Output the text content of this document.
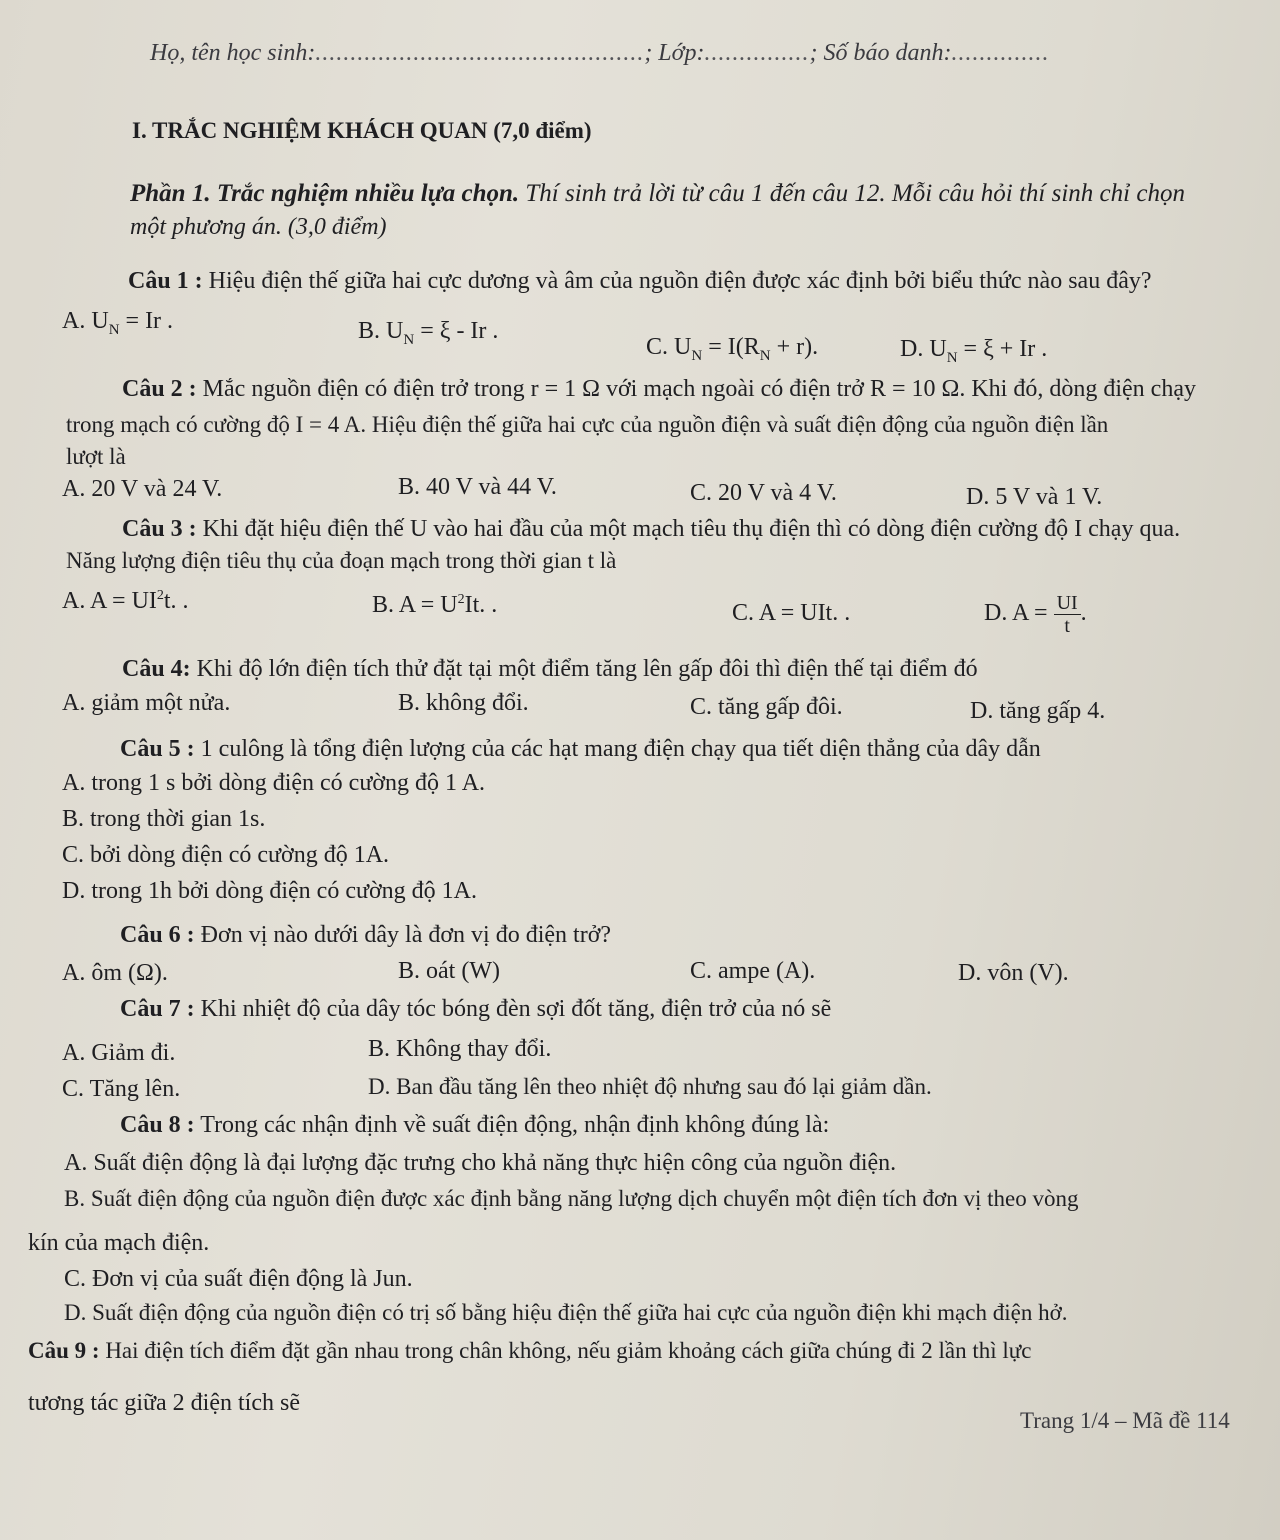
Họ, tên học sinh:...............................................; Lớp:...............; Số báo danh:..............
I. TRẮC NGHIỆM KHÁCH QUAN (7,0 điểm)
Phần 1. Trắc nghiệm nhiều lựa chọn. Thí sinh trả lời từ câu 1 đến câu 12. Mỗi câu hỏi thí sinh chỉ chọn
một phương án. (3,0 điểm)
Câu 1 : Hiệu điện thế giữa hai cực dương và âm của nguồn điện được xác định bởi biểu thức nào sau đây?
A. $U_N = Ir$ .	B. $U_N = \xi - Ir$ .
C. $U_N = I(R_N + r)$.	D. $U_N = \xi + Ir$ .
Câu 2 : Mắc nguồn điện có điện trở trong r = 1 Ω với mạch ngoài có điện trở R = 10 Ω. Khi đó, dòng điện chạy
trong mạch có cường độ I = 4 A. Hiệu điện thế giữa hai cực của nguồn điện và suất điện động của nguồn điện lần
lượt là
A. 20 V và 24 V.	B. 40 V và 44 V.	C. 20 V và 4 V.	D. 5 V và 1 V.
Câu 3 : Khi đặt hiệu điện thế U vào hai đầu của một mạch tiêu thụ điện thì có dòng điện cường độ I chạy qua.
Năng lượng điện tiêu thụ của đoạn mạch trong thời gian t là
A. $A = UI^2t$. .	B. $A = U^2It$. .	C. A = UIt. .	D. $A = \frac{UI}{t}$ .
Câu 4: Khi độ lớn điện tích thử đặt tại một điểm tăng lên gấp đôi thì điện thế tại điểm đó
A. giảm một nửa.	B. không đổi.	C. tăng gấp đôi.	D. tăng gấp 4.
Câu 5 : 1 culông là tổng điện lượng của các hạt mang điện chạy qua tiết diện thẳng của dây dẫn
A. trong 1 s bởi dòng điện có cường độ 1 A.
B. trong thời gian 1s.
C. bởi dòng điện có cường độ 1A.
D. trong 1h bởi dòng điện có cường độ 1A.
Câu 6 : Đơn vị nào dưới dây là đơn vị đo điện trở?
A. ôm (Ω).	B. oát (W)	C. ampe (A).	D. vôn (V).
Câu 7 : Khi nhiệt độ của dây tóc bóng đèn sợi đốt tăng, điện trở của nó sẽ
A. Giảm đi.	B. Không thay đổi.
C. Tăng lên.	D. Ban đầu tăng lên theo nhiệt độ nhưng sau đó lại giảm dần.
Câu 8 : Trong các nhận định về suất điện động, nhận định không đúng là:
A. Suất điện động là đại lượng đặc trưng cho khả năng thực hiện công của nguồn điện.
B. Suất điện động của nguồn điện được xác định bằng năng lượng dịch chuyển một điện tích đơn vị theo vòng
kín của mạch điện.
C. Đơn vị của suất điện động là Jun.
D. Suất điện động của nguồn điện có trị số bằng hiệu điện thế giữa hai cực của nguồn điện khi mạch điện hở.
Câu 9 : Hai điện tích điểm đặt gần nhau trong chân không, nếu giảm khoảng cách giữa chúng đi 2 lần thì lực
tương tác giữa 2 điện tích sẽ
Trang 1/4 – Mã đề 114
